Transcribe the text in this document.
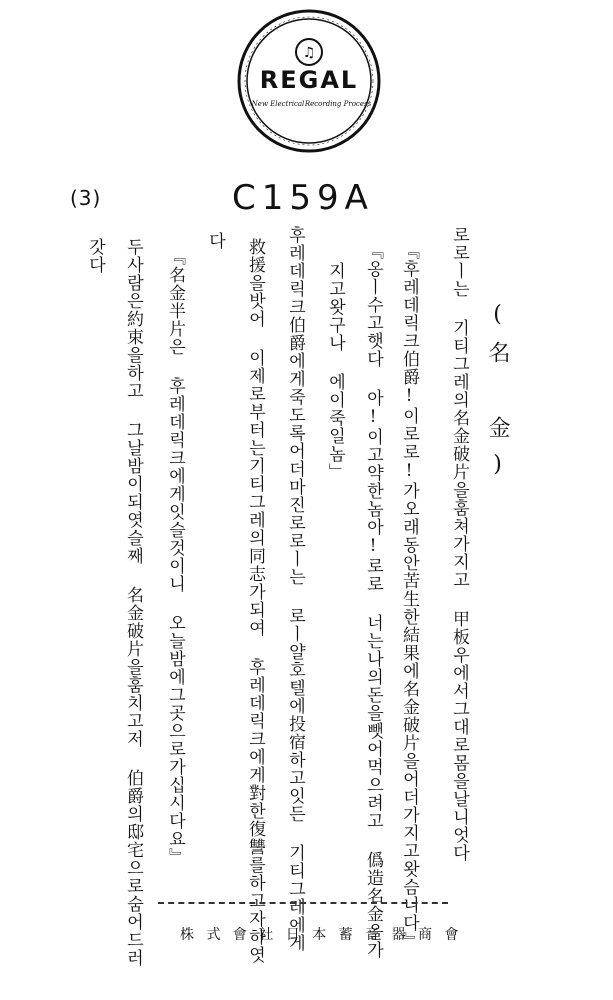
♫
REGAL
New Electrical Recording Process
(3)	C159A
(名 金)
로로ㅣ는 기티그레의名金破片을훔쳐가지고 甲板우에서그대로몸을날니엇다
『후레데릭크伯爵!이로로!가오래동안苦生한結果에名金破片을어더가지고왓슴니다』
『옹ㅣ수고햇다 아!이고약한놈아!로로 너는나의돈을뺏어먹으려고 僞造名金을가
지고왓구나 에이죽일놈」
후레데릭크伯爵에게죽도록어더마진로로ㅣ는 로ㅣ얄호텔에投宿하고잇든 기티그레에게
救援을밧어 이제로부터는기티그레의同志가되여 후레데릭크에게對한復讐를하고자하엿
다
『名金半片은 후레데릭크에게잇슬것이니 오늘밤에그곳으로가십시다요』
두사람은約束을하고 그날밤이되엿슬째 名金破片을훔치고저 伯爵의邸宅으로숨어드러
갓다
株 式 會 社 日 本 蓄 音 器 商 會
